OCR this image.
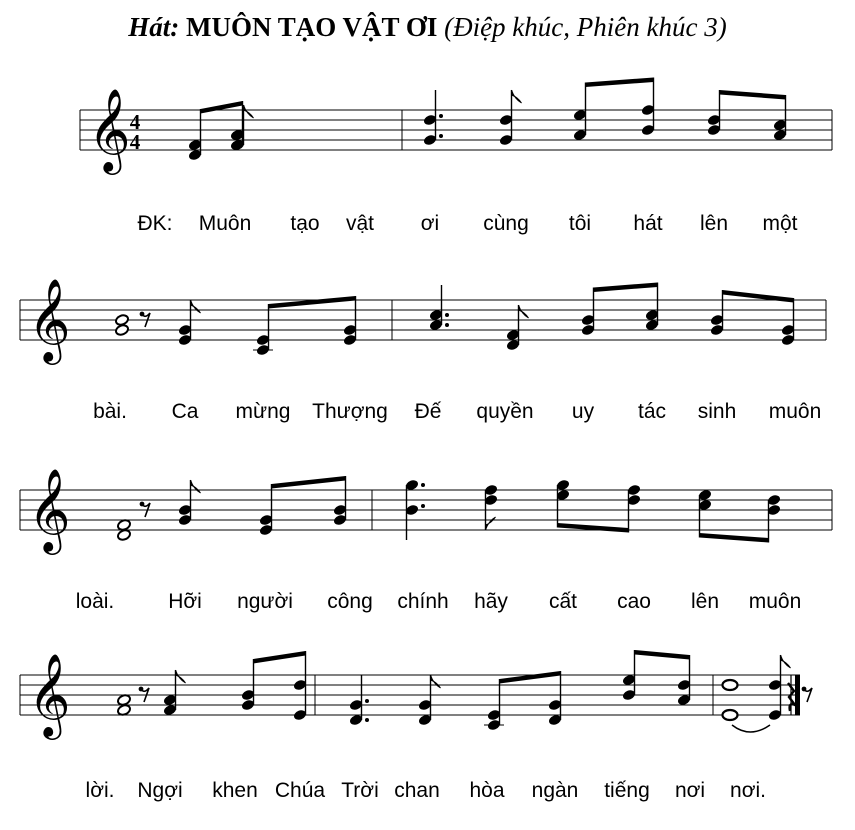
Hát: MUÔN TẠO VẬT ƠI (Điệp khúc, Phiên khúc 3)
𝄞 4
4
ĐK: Muôn tạo vật ơi cùng tôi hát lên một
𝄞
bài. Ca mừng Thượng Đế quyền uy tác sinh muôn
𝄞
loài.	Hỡi người công chính hãy cất cao lên muôn
𝄞
lời. Ngợi khen Chúa Trời chan hòa ngàn tiếng nơi nơi.
